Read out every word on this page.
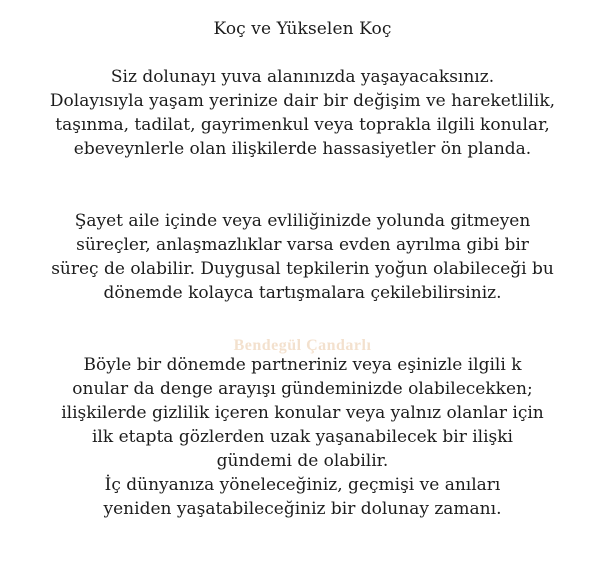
Koç ve Yükselen Koç
Siz dolunayı yuva alanınızda yaşayacaksınız.
Dolayısıyla yaşam yerinize dair bir değişim ve hareketlilik,
taşınma, tadilat, gayrimenkul veya toprakla ilgili konular,
ebeveynlerle olan ilişkilerde hassasiyetler ön planda.
Şayet aile içinde veya evliliğinizde yolunda gitmeyen
süreçler, anlaşmazlıklar varsa evden ayrılma gibi bir
süreç de olabilir. Duygusal tepkilerin yoğun olabileceği bu
dönemde kolayca tartışmalara çekilebilirsiniz.
Bendegül Çandarlı
Böyle bir dönemde partneriniz veya eşinizle ilgili k
onular da denge arayışı gündeminizde olabilecekken;
ilişkilerde gizlilik içeren konular veya yalnız olanlar için
ilk etapta gözlerden uzak yaşanabilecek bir ilişki
gündemi de olabilir.
İç dünyanıza yöneleceğiniz, geçmişi ve anıları
yeniden yaşatabileceğiniz bir dolunay zamanı.
